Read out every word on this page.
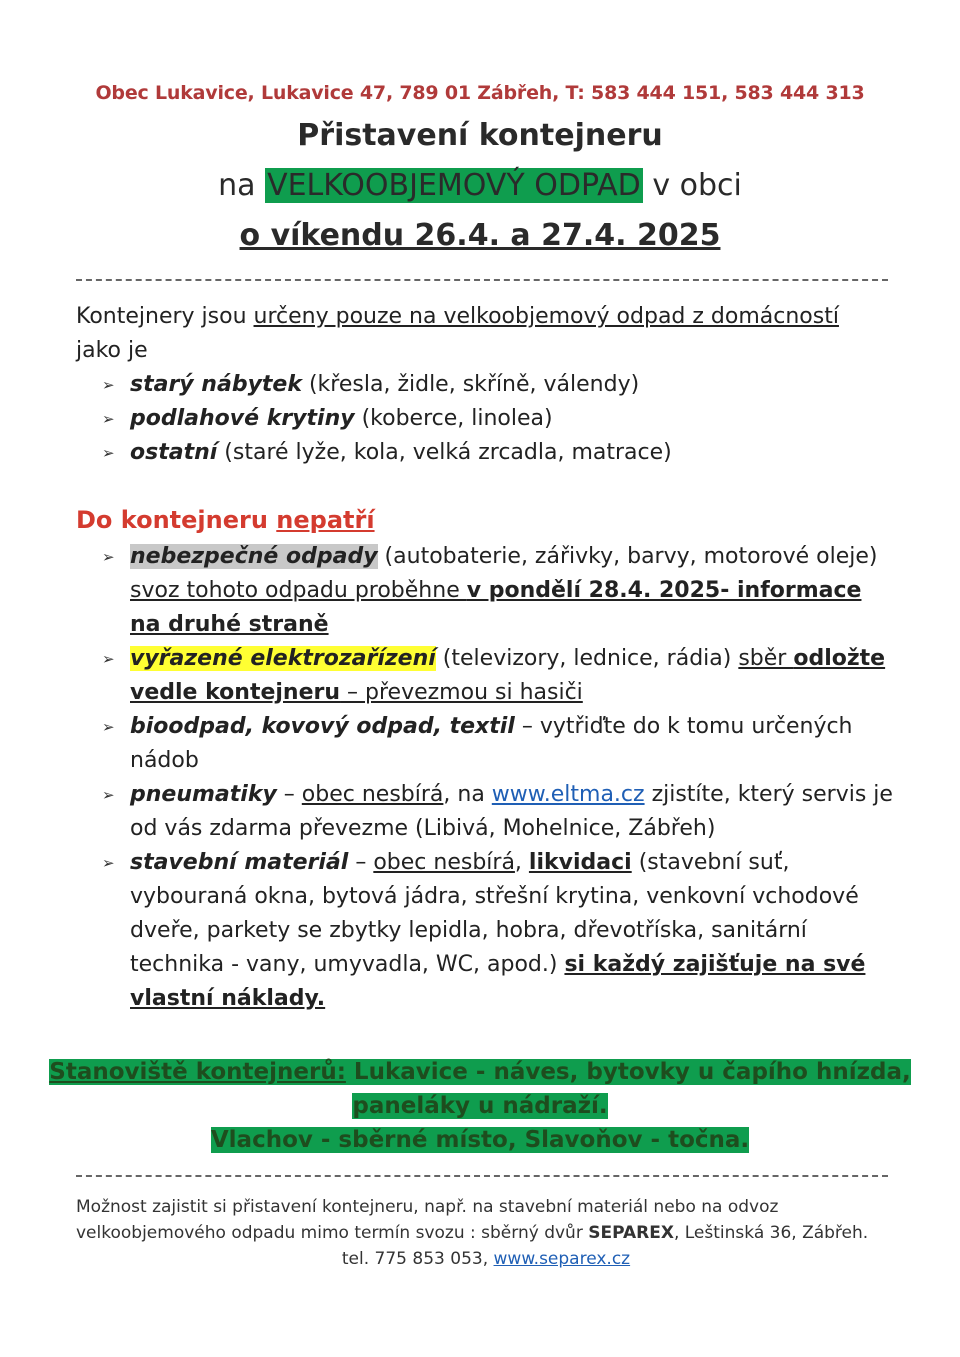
Obec Lukavice, Lukavice 47, 789 01 Zábřeh, T: 583 444 151, 583 444 313
Přistavení kontejneru
na VELKOOBJEMOVÝ ODPAD v obci
o víkendu 26.4. a 27.4. 2025
Kontejnery jsou určeny pouze na velkoobjemový odpad z domácností
jako je
➢ starý nábytek (křesla, židle, skříně, válendy)
➢ podlahové krytiny (koberce, linolea)
➢ ostatní (staré lyže, kola, velká zrcadla, matrace)
Do kontejneru nepatří
➢ nebezpečné odpady (autobaterie, zářivky, barvy, motorové oleje)
svoz tohoto odpadu proběhne v pondělí 28.4. 2025- informace na druhé straně
➢ vyřazené elektrozařízení (televizory, lednice, rádia) sběr odložte vedle kontejneru – převezmou si hasiči
➢ bioodpad, kovový odpad, textil – vytřiďte do k tomu určených nádob
➢ pneumatiky – obec nesbírá, na www.eltma.cz zjistíte, který servis je od vás zdarma převezme (Libivá, Mohelnice, Zábřeh)
➢ stavební materiál – obec nesbírá, likvidaci (stavební suť, vybouraná okna, bytová jádra, střešní krytina, venkovní vchodové dveře, parkety se zbytky lepidla, hobra, dřevotříska, sanitární technika - vany, umyvadla, WC, apod.) si každý zajišťuje na své vlastní náklady.
Stanoviště kontejnerů: Lukavice - náves, bytovky u čapího hnízda,
paneláky u nádraží.
Vlachov - sběrné místo, Slavoňov - točna.
Možnost zajistit si přistavení kontejneru, např. na stavební materiál nebo na odvoz velkoobjemového odpadu mimo termín svozu : sběrný dvůr SEPAREX, Leštinská 36, Zábřeh.
tel. 775 853 053, www.separex.cz
